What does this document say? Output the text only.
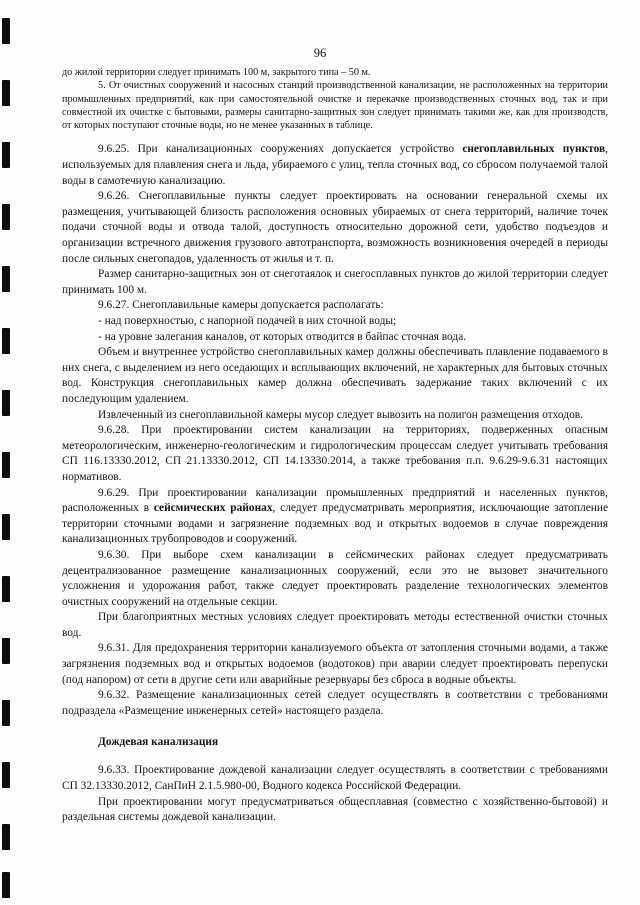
96

до жилой территории следует принимать 100 м, закрытого типа – 50 м.

5. От очистных сооружений и насосных станций производственной канализации, не расположенных на территории промышленных предприятий, как при самостоятельной очистке и перекачке производственных сточных вод, так и при совместной их очистке с бытовыми, размеры санитарно-защитных зон следует принимать такими же, как для производств, от которых поступают сточные воды, но не менее указанных в таблице.

9.6.25. При канализационных сооружениях допускается устройство снегоплавильных пунктов, используемых для плавления снега и льда, убираемого с улиц, тепла сточных вод, со сбросом получаемой талой воды в самотечную канализацию.

9.6.26. Снегоплавильные пункты следует проектировать на основании генеральной схемы их размещения, учитывающей близость расположения основных убираемых от снега территорий, наличие точек подачи сточной воды и отвода талой, доступность относительно дорожной сети, удобство подъездов и организации встречного движения грузового автотранспорта, возможность возникновения очередей в периоды после сильных снегопадов, удаленность от жилья и т. п.

Размер санитарно-защитных зон от снеготаялок и снегосплавных пунктов до жилой территории следует принимать 100 м.

9.6.27. Снегоплавильные камеры допускается располагать:

- над поверхностью, с напорной подачей в них сточной воды;

- на уровне залегания каналов, от которых отводится в байпас сточная вода.

Объем и внутреннее устройство снегоплавильных камер должны обеспечивать плавление подаваемого в них снега, с выделением из него оседающих и всплывающих включений, не характерных для бытовых сточных вод. Конструкция снегоплавильных камер должна обеспечивать задержание таких включений с их последующим удалением.

Извлеченный из снегоплавильной камеры мусор следует вывозить на полигон размещения отходов.

9.6.28. При проектировании систем канализации на территориях, подверженных опасным метеорологическим, инженерно-геологическим и гидрологическим процессам следует учитывать требования СП 116.13330.2012, СП 21.13330.2012, СП 14.13330.2014, а также требования п.п. 9.6.29-9.6.31 настоящих нормативов.

9.6.29. При проектировании канализации промышленных предприятий и населенных пунктов, расположенных в сейсмических районах, следует предусматривать мероприятия, исключающие затопление территории сточными водами и загрязнение подземных вод и открытых водоемов в случае повреждения канализационных трубопроводов и сооружений.

9.6.30. При выборе схем канализации в сейсмических районах следует предусматривать децентрализованное размещение канализационных сооружений, если это не вызовет значительного усложнения и удорожания работ, также следует проектировать разделение технологических элементов очистных сооружений на отдельные секции.

При благоприятных местных условиях следует проектировать методы естественной очистки сточных вод.

9.6.31. Для предохранения территории канализуемого объекта от затопления сточными водами, а также загрязнения подземных вод и открытых водоемов (водотоков) при аварии следует проектировать перепуски (под напором) от сети в другие сети или аварийные резервуары без сброса в водные объекты.

9.6.32. Размещение канализационных сетей следует осуществлять в соответствии с требованиями подраздела «Размещение инженерных сетей» настоящего раздела.

Дождевая канализация

9.6.33. Проектирование дождевой канализации следует осуществлять в соответствии с требованиями СП 32.13330.2012, СанПиН 2.1.5.980-00, Водного кодекса Российской Федерации.

При проектировании могут предусматриваться общесплавная (совместно с хозяйственно-бытовой) и раздельная системы дождевой канализации.
